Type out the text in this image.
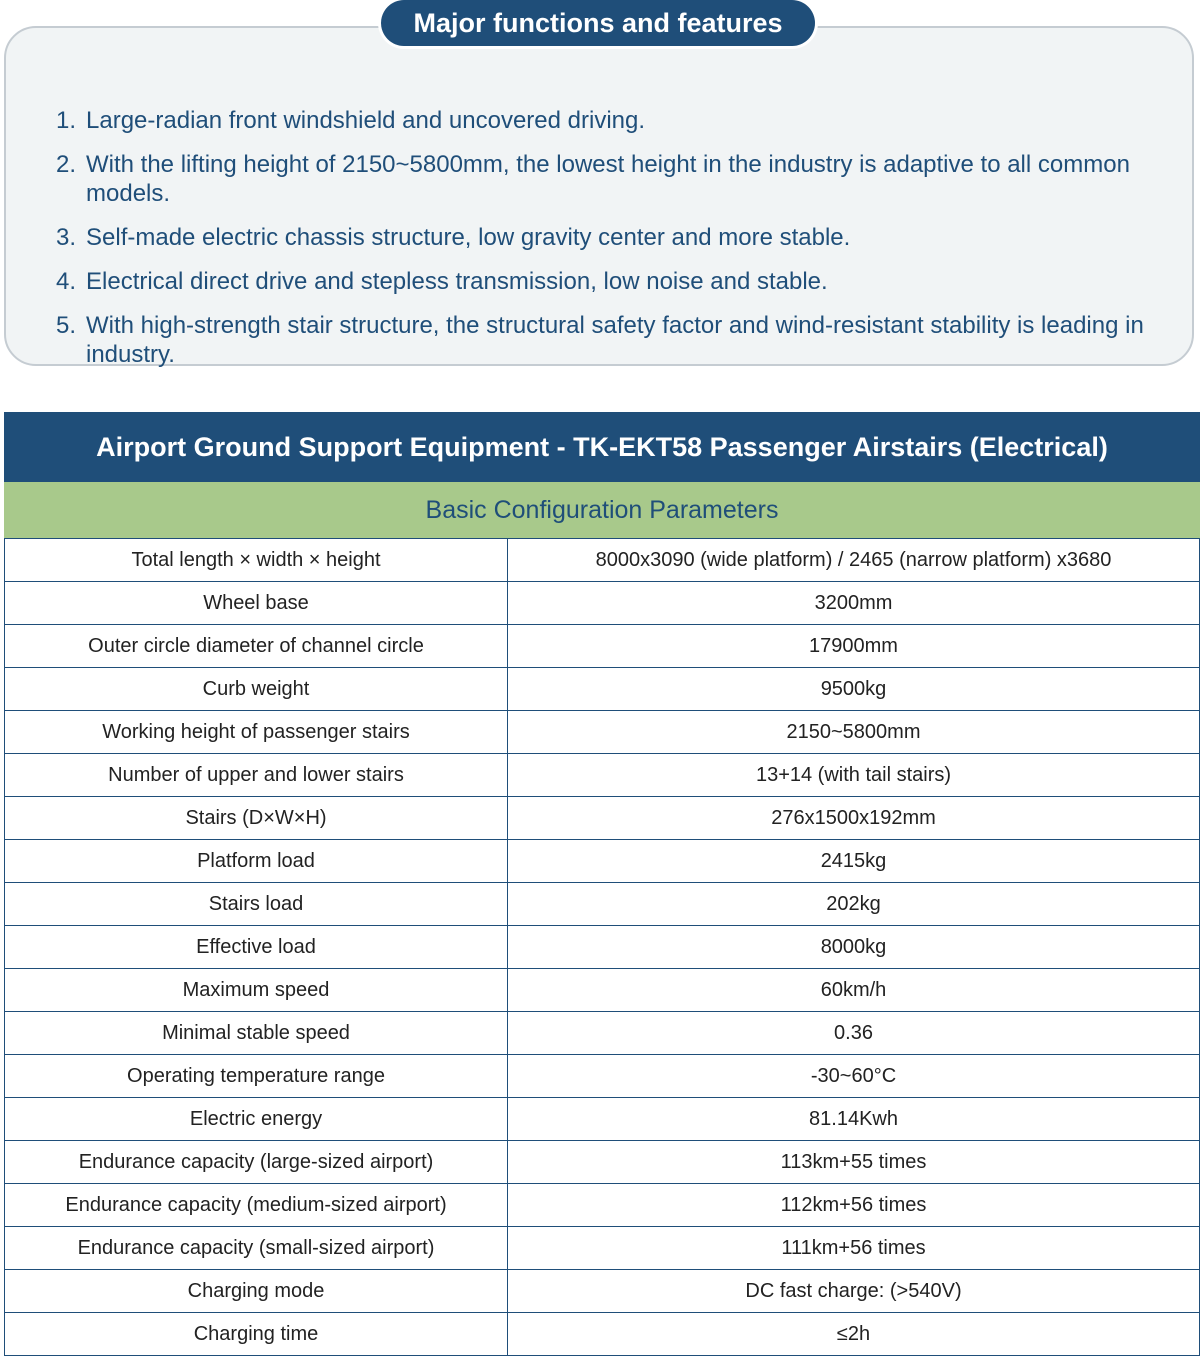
1. Large-radian front windshield and uncovered driving.
2. With the lifting height of 2150~5800mm, the lowest height in the industry is adaptive to all common models.
3. Self-made electric chassis structure, low gravity center and more stable.
4. Electrical direct drive and stepless transmission, low noise and stable.
5. With high-strength stair structure, the structural safety factor and wind-resistant stability is leading in industry.
Major functions and features
Airport Ground Support Equipment - TK-EKT58 Passenger Airstairs (Electrical)
Basic Configuration Parameters
Total length × width × height	8000x3090 (wide platform) / 2465 (narrow platform) x3680
Wheel base	3200mm
Outer circle diameter of channel circle	17900mm
Curb weight	9500kg
Working height of passenger stairs	2150~5800mm
Number of upper and lower stairs	13+14 (with tail stairs)
Stairs (D×W×H)	276x1500x192mm
Platform load	2415kg
Stairs load	202kg
Effective load	8000kg
Maximum speed	60km/h
Minimal stable speed	0.36
Operating temperature range	-30~60°C
Electric energy	81.14Kwh
Endurance capacity (large-sized airport)	113km+55 times
Endurance capacity (medium-sized airport)	112km+56 times
Endurance capacity (small-sized airport)	111km+56 times
Charging mode	DC fast charge: (>540V)
Charging time	≤2h
